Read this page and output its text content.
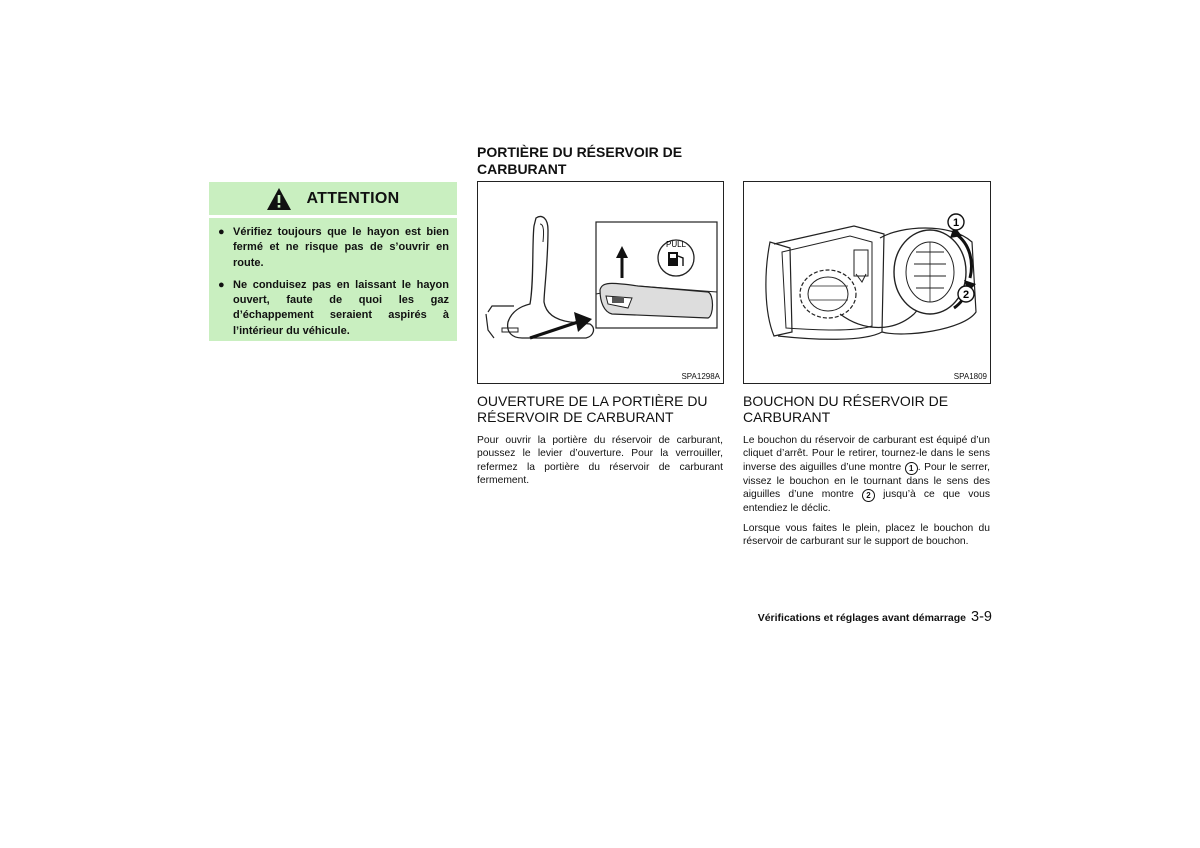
ATTENTION
● Vérifiez toujours que le hayon est bien fermé et ne risque pas de s’ouvrir en route.
● Ne conduisez pas en laissant le hayon ouvert, faute de quoi les gaz d’échappement seraient aspirés à l’intérieur du véhicule.
PORTIÈRE DU RÉSERVOIR DE CARBURANT
PULL
SPA1298A
1
2
SPA1809
OUVERTURE DE LA PORTIÈRE DU RÉSERVOIR DE CARBURANT
BOUCHON DU RÉSERVOIR DE CARBURANT
Pour ouvrir la portière du réservoir de carburant, poussez le levier d’ouverture. Pour la verrouiller, refermez la portière du réservoir de carburant fermement.
Le bouchon du réservoir de carburant est équipé d’un cliquet d’arrêt. Pour le retirer, tournez-le dans le sens inverse des aiguilles d’une montre 1 . Pour le serrer, vissez le bouchon en le tournant dans le sens des aiguilles d’une montre 2 jusqu’à ce que vous entendiez le déclic.
Lorsque vous faites le plein, placez le bouchon du réservoir de carburant sur le support de bouchon.
Vérifications et réglages avant démarrage 3-9
